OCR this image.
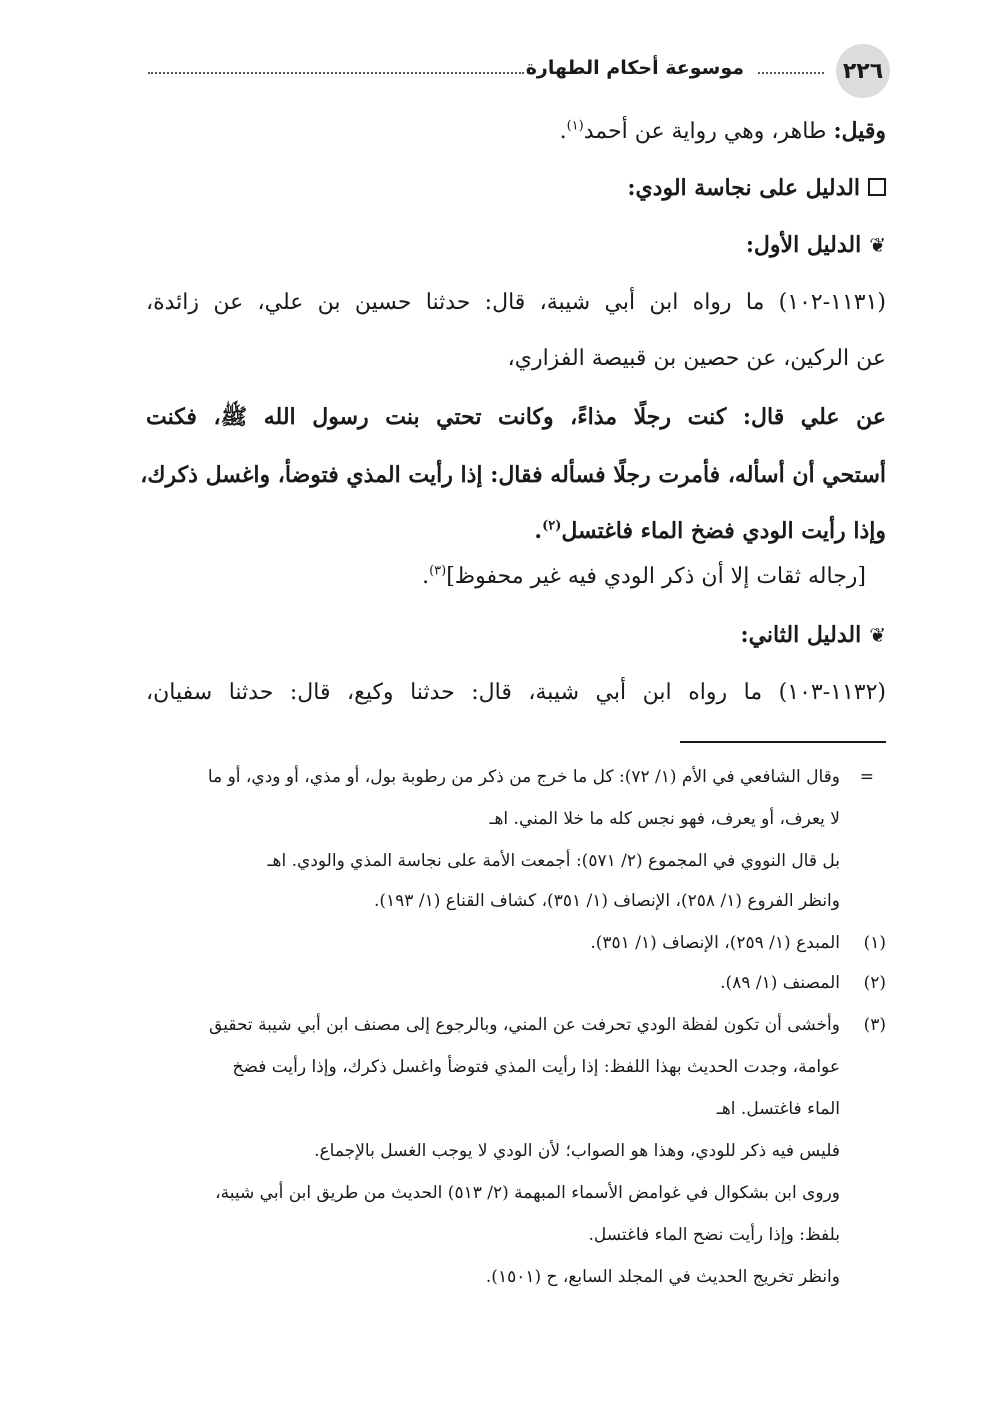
٢٢٦
موسوعة أحكام الطهارة

وقيل: طاهر، وهي رواية عن أحمد$^{(١)}$.

الدليل على نجاسة الودي:

❦الدليل الأول:

(١١٣١-١٠٢) ما رواه ابن أبي شيبة، قال: حدثنا حسين بن علي، عن زائدة،

عن الركين، عن حصين بن قبيصة الفزاري،

عن علي قال: كنت رجلًا مذاءً، وكانت تحتي بنت رسول الله ﷺ، فكنت

أستحي أن أسأله، فأمرت رجلًا فسأله فقال: إذا رأيت المذي فتوضأ، واغسل ذكرك،

وإذا رأيت الودي فضخ الماء فاغتسل$^{(٢)}$.

[رجاله ثقات إلا أن ذكر الودي فيه غير محفوظ]$^{(٣)}$.

❦الدليل الثاني:

(١١٣٢-١٠٣) ما رواه ابن أبي شيبة، قال: حدثنا وكيع، قال: حدثنا سفيان،

=

وقال الشافعي في الأم (١/ ٧٢): كل ما خرج من ذكر من رطوبة بول، أو مذي، أو ودي، أو ما

لا يعرف، أو يعرف، فهو نجس كله ما خلا المني. اهـ

بل قال النووي في المجموع (٢/ ٥٧١): أجمعت الأمة على نجاسة المذي والودي. اهـ

وانظر الفروع (١/ ٢٥٨)، الإنصاف (١/ ٣٥١)، كشاف القناع (١/ ١٩٣).

(١)

المبدع (١/ ٢٥٩)، الإنصاف (١/ ٣٥١).

(٢)

المصنف (١/ ٨٩).

(٣)

وأخشى أن تكون لفظة الودي تحرفت عن المني، وبالرجوع إلى مصنف ابن أبي شيبة تحقيق

عوامة، وجدت الحديث بهذا اللفظ: إذا رأيت المذي فتوضأ واغسل ذكرك، وإذا رأيت فضخ

الماء فاغتسل. اهـ

فليس فيه ذكر للودي، وهذا هو الصواب؛ لأن الودي لا يوجب الغسل بالإجماع.

وروى ابن بشكوال في غوامض الأسماء المبهمة (٢/ ٥١٣) الحديث من طريق ابن أبي شيبة،

بلفظ: وإذا رأيت نضح الماء فاغتسل.

وانظر تخريج الحديث في المجلد السابع، ح (١٥٠١).
